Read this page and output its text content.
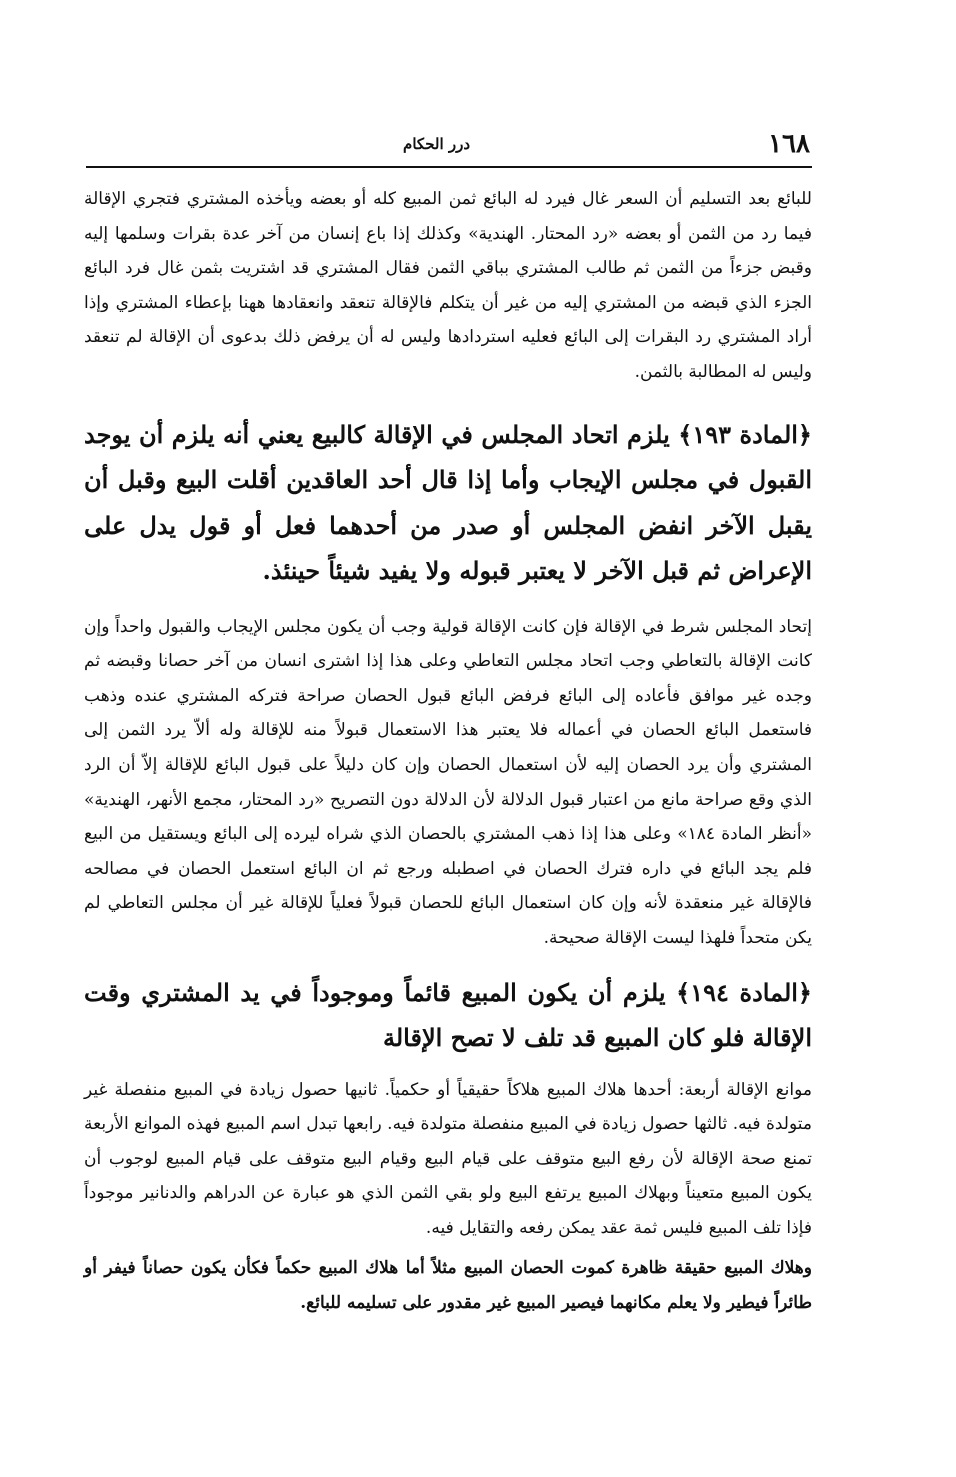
١٦٨
درر الحكام

للبائع بعد التسليم أن السعر غال فيرد له البائع ثمن المبيع كله أو بعضه ويأخذه المشتري فتجري الإقالة فيما رد من الثمن أو بعضه «رد المحتار. الهندية» وكذلك إذا باع إنسان من آخر عدة بقرات وسلمها إليه وقبض جزءاً من الثمن ثم طالب المشتري بباقي الثمن فقال المشتري قد اشتريت بثمن غال فرد البائع الجزء الذي قبضه من المشتري إليه من غير أن يتكلم فالإقالة تنعقد وانعقادها ههنا بإعطاء المشتري وإذا أراد المشتري رد البقرات إلى البائع فعليه استردادها وليس له أن يرفض ذلك بدعوى أن الإقالة لم تنعقد وليس له المطالبة بالثمن.

﴿المادة ١٩٣﴾ يلزم اتحاد المجلس في الإقالة كالبيع يعني أنه يلزم أن يوجد القبول في مجلس الإيجاب وأما إذا قال أحد العاقدين أقلت البيع وقبل أن يقبل الآخر انفض المجلس أو صدر من أحدهما فعل أو قول يدل على الإعراض ثم قبل الآخر لا يعتبر قبوله ولا يفيد شيئاً حينئذ.

إتحاد المجلس شرط في الإقالة فإن كانت الإقالة قولية وجب أن يكون مجلس الإيجاب والقبول واحداً وإن كانت الإقالة بالتعاطي وجب اتحاد مجلس التعاطي وعلى هذا إذا اشترى انسان من آخر حصانا وقبضه ثم وجده غير موافق فأعاده إلى البائع فرفض البائع قبول الحصان صراحة فتركه المشتري عنده وذهب فاستعمل البائع الحصان في أعماله فلا يعتبر هذا الاستعمال قبولاً منه للإقالة وله ألاّ يرد الثمن إلى المشتري وأن يرد الحصان إليه لأن استعمال الحصان وإن كان دليلاً على قبول البائع للإقالة إلاّ أن الرد الذي وقع صراحة مانع من اعتبار قبول الدلالة لأن الدلالة دون التصريح «رد المحتار، مجمع الأنهر، الهندية» «أنظر المادة ١٨٤» وعلى هذا إذا ذهب المشتري بالحصان الذي شراه ليرده إلى البائع ويستقيل من البيع فلم يجد البائع في داره فترك الحصان في اصطبله ورجع ثم ان البائع استعمل الحصان في مصالحه فالإقالة غير منعقدة لأنه وإن كان استعمال البائع للحصان قبولاً فعلياً للإقالة غير أن مجلس التعاطي لم يكن متحداً فلهذا ليست الإقالة صحيحة.

﴿المادة ١٩٤﴾ يلزم أن يكون المبيع قائماً وموجوداً في يد المشتري وقت الإقالة فلو كان المبيع قد تلف لا تصح الإقالة

موانع الإقالة أربعة: أحدها هلاك المبيع هلاكاً حقيقياً أو حكمياً. ثانيها حصول زيادة في المبيع منفصلة غير متولدة فيه. ثالثها حصول زيادة في المبيع منفصلة متولدة فيه. رابعها تبدل اسم المبيع فهذه الموانع الأربعة تمنع صحة الإقالة لأن رفع البيع متوقف على قيام البيع وقيام البيع متوقف على قيام المبيع لوجوب أن يكون المبيع متعيناً وبهلاك المبيع يرتفع البيع ولو بقي الثمن الذي هو عبارة عن الدراهم والدنانير موجوداً فإذا تلف المبيع فليس ثمة عقد يمكن رفعه والتقايل فيه.

وهلاك المبيع حقيقة ظاهرة كموت الحصان المبيع مثلاً أما هلاك المبيع حكماً فكأن يكون حصاناً فيفر أو طائراً فيطير ولا يعلم مكانهما فيصير المبيع غير مقدور على تسليمه للبائع.
